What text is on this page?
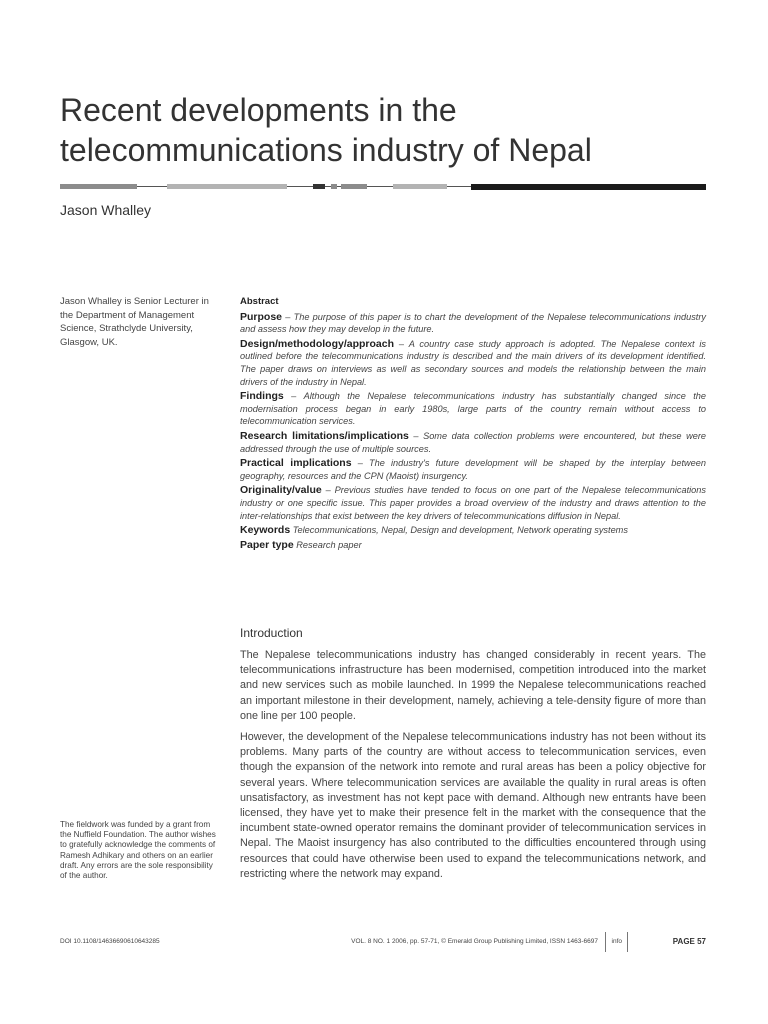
Recent developments in the telecommunications industry of Nepal
Jason Whalley
Jason Whalley is Senior Lecturer in the Department of Management Science, Strathclyde University, Glasgow, UK.
Abstract
Purpose – The purpose of this paper is to chart the development of the Nepalese telecommunications industry and assess how they may develop in the future.
Design/methodology/approach – A country case study approach is adopted. The Nepalese context is outlined before the telecommunications industry is described and the main drivers of its development identified. The paper draws on interviews as well as secondary sources and models the relationship between the main drivers of the industry in Nepal.
Findings – Although the Nepalese telecommunications industry has substantially changed since the modernisation process began in early 1980s, large parts of the country remain without access to telecommunication services.
Research limitations/implications – Some data collection problems were encountered, but these were addressed through the use of multiple sources.
Practical implications – The industry's future development will be shaped by the interplay between geography, resources and the CPN (Maoist) insurgency.
Originality/value – Previous studies have tended to focus on one part of the Nepalese telecommunications industry or one specific issue. This paper provides a broad overview of the industry and draws attention to the inter-relationships that exist between the key drivers of telecommunications diffusion in Nepal.
Keywords Telecommunications, Nepal, Design and development, Network operating systems
Paper type Research paper
Introduction

The Nepalese telecommunications industry has changed considerably in recent years. The telecommunications infrastructure has been modernised, competition introduced into the market and new services such as mobile launched. In 1999 the Nepalese telecommunications reached an important milestone in their development, namely, achieving a tele-density figure of more than one line per 100 people.

However, the development of the Nepalese telecommunications industry has not been without its problems. Many parts of the country are without access to telecommunication services, even though the expansion of the network into remote and rural areas has been a policy objective for several years. Where telecommunication services are available the quality in rural areas is often unsatisfactory, as investment has not kept pace with demand. Although new entrants have been licensed, they have yet to make their presence felt in the market with the consequence that the incumbent state-owned operator remains the dominant provider of telecommunication services in Nepal. The Maoist insurgency has also contributed to the difficulties encountered through using resources that could have otherwise been used to expand the telecommunications network, and restricting where the network may expand.

The fieldwork was funded by a grant from the Nuffield Foundation. The author wishes to gratefully acknowledge the comments of Ramesh Adhikary and others on an earlier draft. Any errors are the sole responsibility of the author.
DOI 10.1108/14636690610643285	VOL. 8 NO. 1 2006, pp. 57-71, © Emerald Group Publishing Limited, ISSN 1463-6697 info	PAGE 57
